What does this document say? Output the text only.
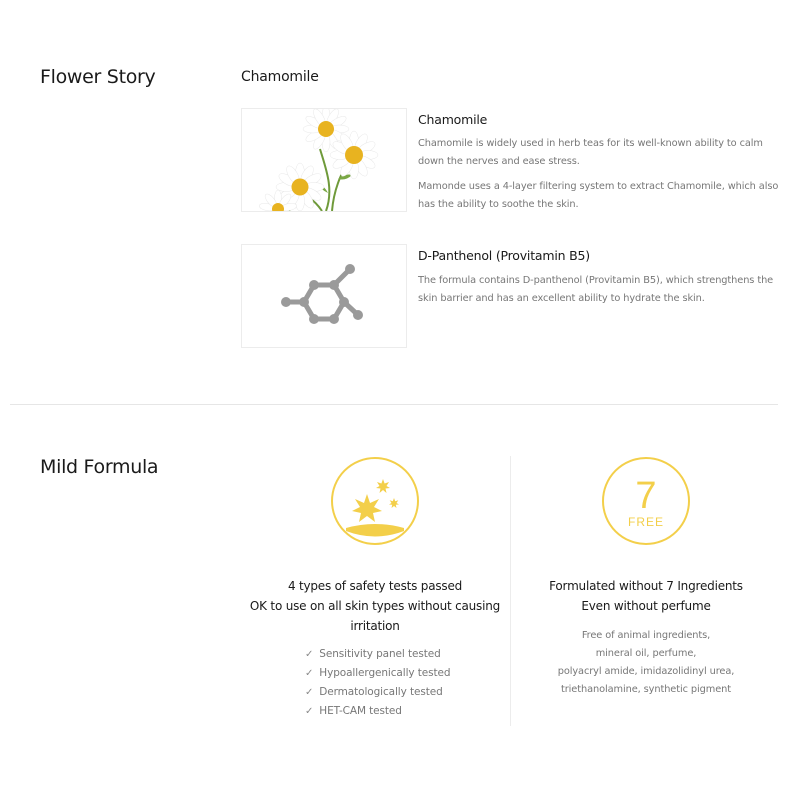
Flower Story	Chamomile
Chamomile

Chamomile is widely used in herb teas for its well-known ability to calm down the nerves and ease stress.

Mamonde uses a 4-layer filtering system to extract Chamomile, which also has the ability to soothe the skin.

D-Panthenol (Provitamin B5)

The formula contains D-panthenol (Provitamin B5), which strengthens the skin barrier and has an excellent ability to hydrate the skin.

Mild Formula
4 types of safety tests passed
OK to use on all skin types without causing
irritation
✓ Sensitivity panel tested
✓ Hypoallergenically tested
✓ Dermatologically tested
✓ HET-CAM tested
7
FREE
Formulated without 7 Ingredients
Even without perfume
Free of animal ingredients,
mineral oil, perfume,
polyacryl amide, imidazolidinyl urea,
triethanolamine, synthetic pigment
